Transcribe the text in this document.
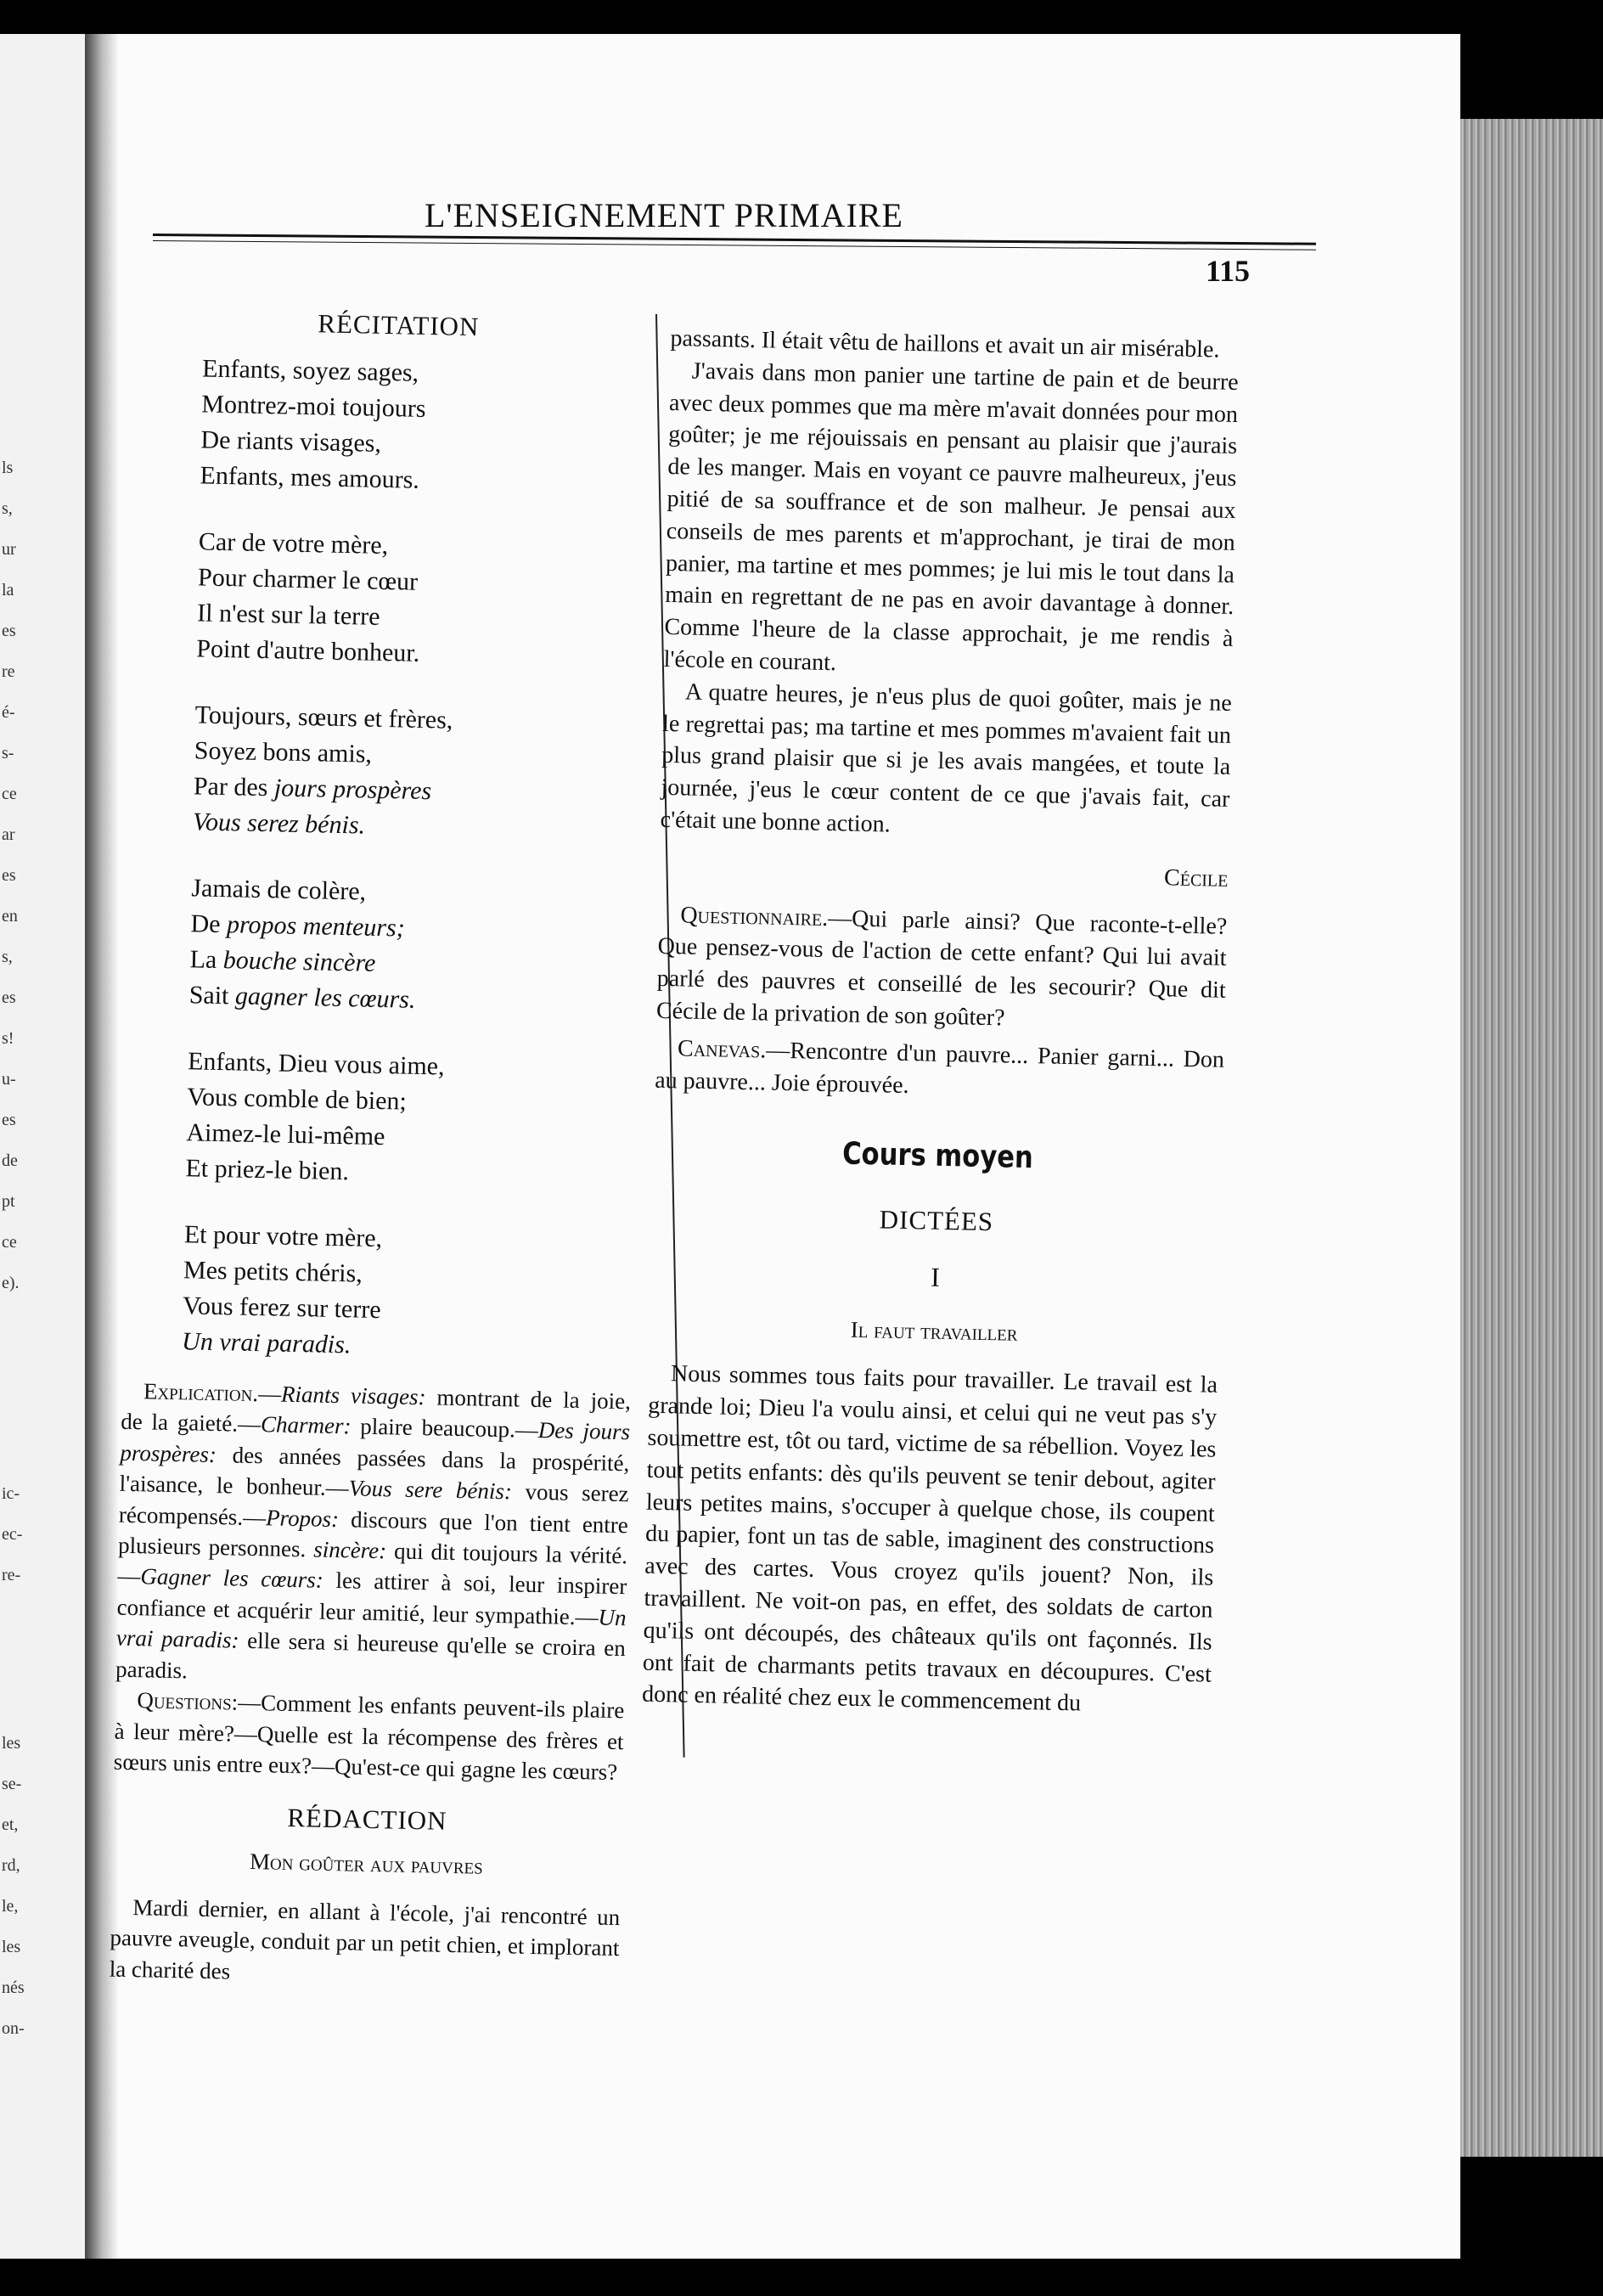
ls
s,
ur
la
es
re
é-
s-
ce
ar
es
en
s,
es
s!
u-
es
de
pt
ce
e).
ic-
ec-
re-
les
se-
et,
rd,
le,
les
nés
on-
L'ENSEIGNEMENT PRIMAIRE
115
RÉCITATION
Enfants, soyez sages,
Montrez-moi toujours
De riants visages,
Enfants, mes amours.
Car de votre mère,
Pour charmer le cœur
Il n'est sur la terre
Point d'autre bonheur.
Toujours, sœurs et frères,
Soyez bons amis,
Par des jours prospères
Vous serez bénis.
Jamais de colère,
De propos menteurs;
La bouche sincère
Sait gagner les cœurs.
Enfants, Dieu vous aime,
Vous comble de bien;
Aimez-le lui-même
Et priez-le bien.
Et pour votre mère,
Mes petits chéris,
Vous ferez sur terre
Un vrai paradis.

Explication.—Riants visages: montrant de la joie, de la gaieté.—Charmer: plaire beaucoup.—Des jours prospères: des années passées dans la prospérité, l'aisance, le bonheur.—Vous sere bénis: vous serez récompensés.—Propos: discours que l'on tient entre plusieurs personnes. sincère: qui dit toujours la vérité.—Gagner les cœurs: les attirer à soi, leur inspirer confiance et acquérir leur amitié, leur sympathie.—Un vrai paradis: elle sera si heureuse qu'elle se croira en paradis.

Questions:—Comment les enfants peuvent-ils plaire à leur mère?—Quelle est la récompense des frères et sœurs unis entre eux?—Qu'est-ce qui gagne les cœurs?

RÉDACTION
Mon goûter aux pauvres

Mardi dernier, en allant à l'école, j'ai rencontré un pauvre aveugle, conduit par un petit chien, et implorant la charité des

passants. Il était vêtu de haillons et avait un air misérable.

J'avais dans mon panier une tartine de pain et de beurre avec deux pommes que ma mère m'avait données pour mon goûter; je me réjouissais en pensant au plaisir que j'aurais de les manger. Mais en voyant ce pauvre malheureux, j'eus pitié de sa souffrance et de son malheur. Je pensai aux conseils de mes parents et m'approchant, je tirai de mon panier, ma tartine et mes pommes; je lui mis le tout dans la main en regrettant de ne pas en avoir davantage à donner. Comme l'heure de la classe approchait, je me rendis à l'école en courant.

A quatre heures, je n'eus plus de quoi goûter, mais je ne le regrettai pas; ma tartine et mes pommes m'avaient fait un plus grand plaisir que si je les avais mangées, et toute la journée, j'eus le cœur content de ce que j'avais fait, car c'était une bonne action.

Cécile

Questionnaire.—Qui parle ainsi? Que raconte-t-elle? Que pensez-vous de l'action de cette enfant? Qui lui avait parlé des pauvres et conseillé de les secourir? Que dit Cécile de la privation de son goûter?

Canevas.—Rencontre d'un pauvre... Panier garni... Don au pauvre... Joie éprouvée.

Cours moyen
DICTÉES
I
Il faut travailler

Nous sommes tous faits pour travailler. Le travail est la grande loi; Dieu l'a voulu ainsi, et celui qui ne veut pas s'y soumettre est, tôt ou tard, victime de sa rébellion. Voyez les tout petits enfants: dès qu'ils peuvent se tenir debout, agiter leurs petites mains, s'occuper à quelque chose, ils coupent du papier, font un tas de sable, imaginent des constructions avec des cartes. Vous croyez qu'ils jouent? Non, ils travaillent. Ne voit-on pas, en effet, des soldats de carton qu'ils ont découpés, des châteaux qu'ils ont façonnés. Ils ont fait de charmants petits travaux en découpures. C'est donc en réalité chez eux le commencement du
